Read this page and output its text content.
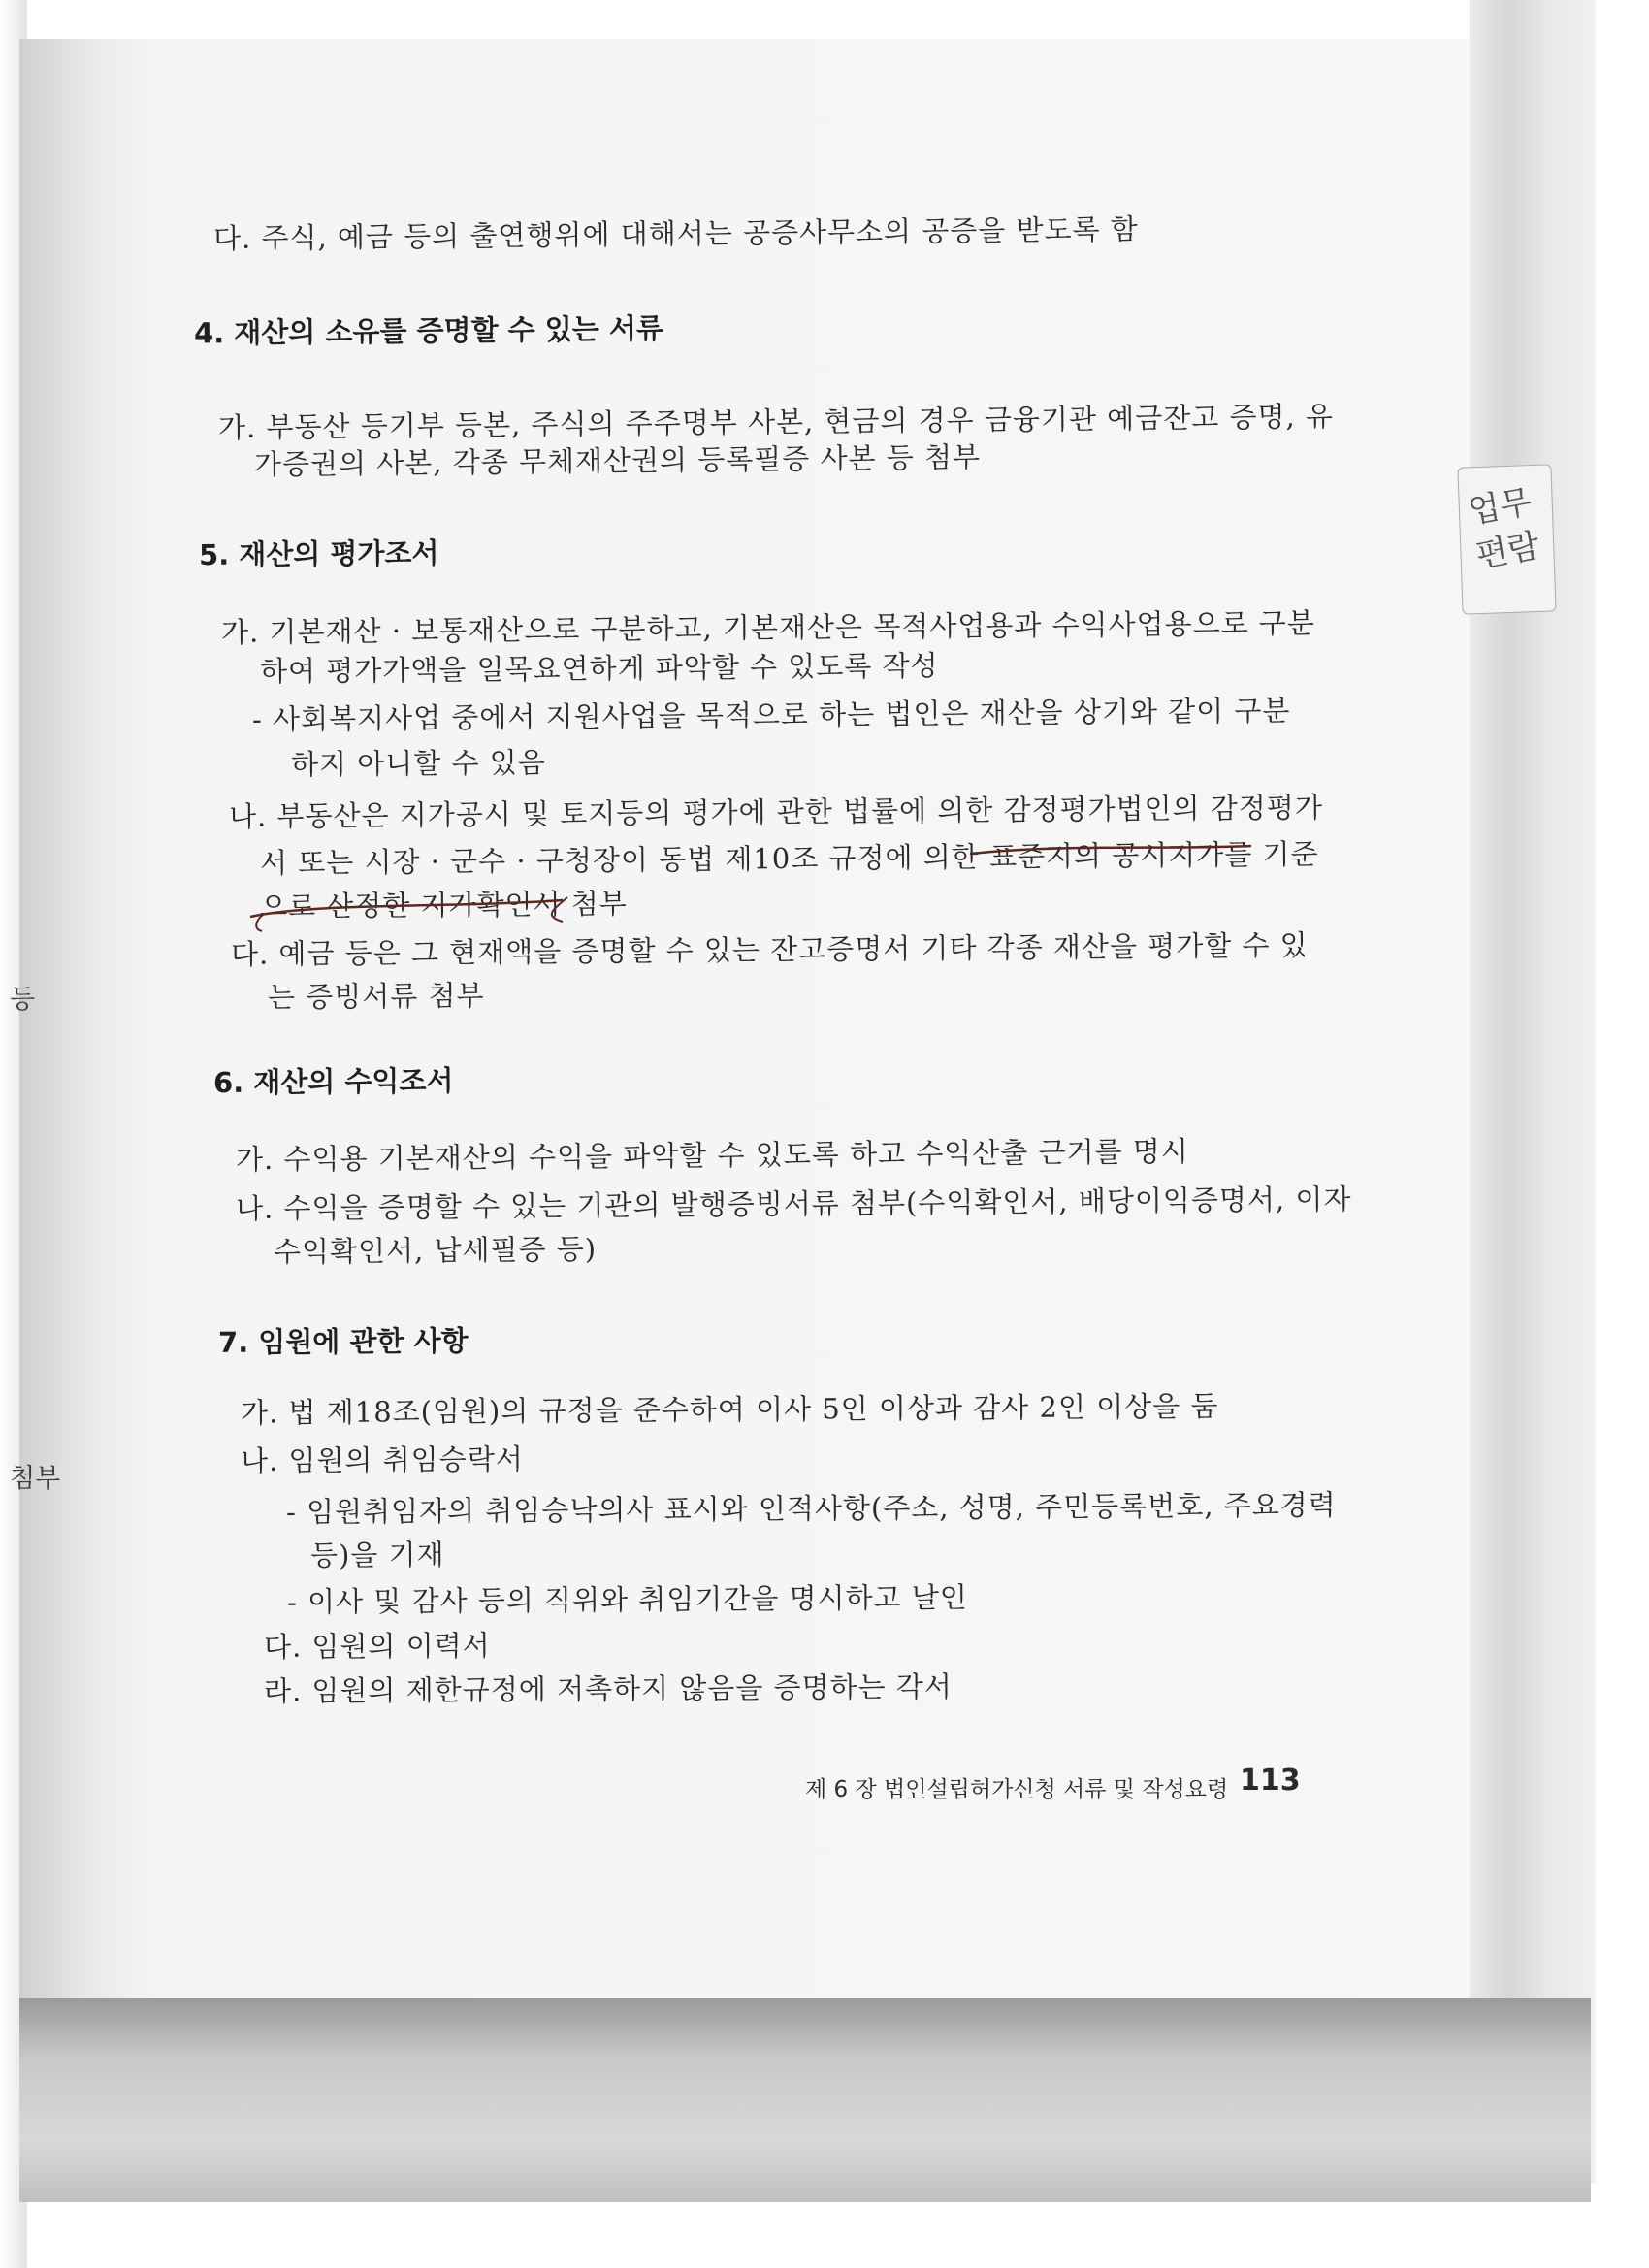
업무편람
등
첨부
다. 주식, 예금 등의 출연행위에 대해서는 공증사무소의 공증을 받도록 함
4. 재산의 소유를 증명할 수 있는 서류
가. 부동산 등기부 등본, 주식의 주주명부 사본, 현금의 경우 금융기관 예금잔고 증명, 유
가증권의 사본, 각종 무체재산권의 등록필증 사본 등 첨부
5. 재산의 평가조서
가. 기본재산 · 보통재산으로 구분하고, 기본재산은 목적사업용과 수익사업용으로 구분
하여 평가가액을 일목요연하게 파악할 수 있도록 작성
- 사회복지사업 중에서 지원사업을 목적으로 하는 법인은 재산을 상기와 같이 구분
하지 아니할 수 있음
나. 부동산은 지가공시 및 토지등의 평가에 관한 법률에 의한 감정평가법인의 감정평가
서 또는 시장 · 군수 · 구청장이 동법 제10조 규정에 의한 표준지의 공시지가를 기준
으로 산정한 지가확인서 첨부
다. 예금 등은 그 현재액을 증명할 수 있는 잔고증명서 기타 각종 재산을 평가할 수 있
는 증빙서류 첨부
6. 재산의 수익조서
가. 수익용 기본재산의 수익을 파악할 수 있도록 하고 수익산출 근거를 명시
나. 수익을 증명할 수 있는 기관의 발행증빙서류 첨부(수익확인서, 배당이익증명서, 이자
수익확인서, 납세필증 등)
7. 임원에 관한 사항
가. 법 제18조(임원)의 규정을 준수하여 이사 5인 이상과 감사 2인 이상을 둠
나. 임원의 취임승락서
- 임원취임자의 취임승낙의사 표시와 인적사항(주소, 성명, 주민등록번호, 주요경력
등)을 기재
- 이사 및 감사 등의 직위와 취임기간을 명시하고 날인
다. 임원의 이력서
라. 임원의 제한규정에 저촉하지 않음을 증명하는 각서
제 6 장 법인설립허가신청 서류 및 작성요령 113
